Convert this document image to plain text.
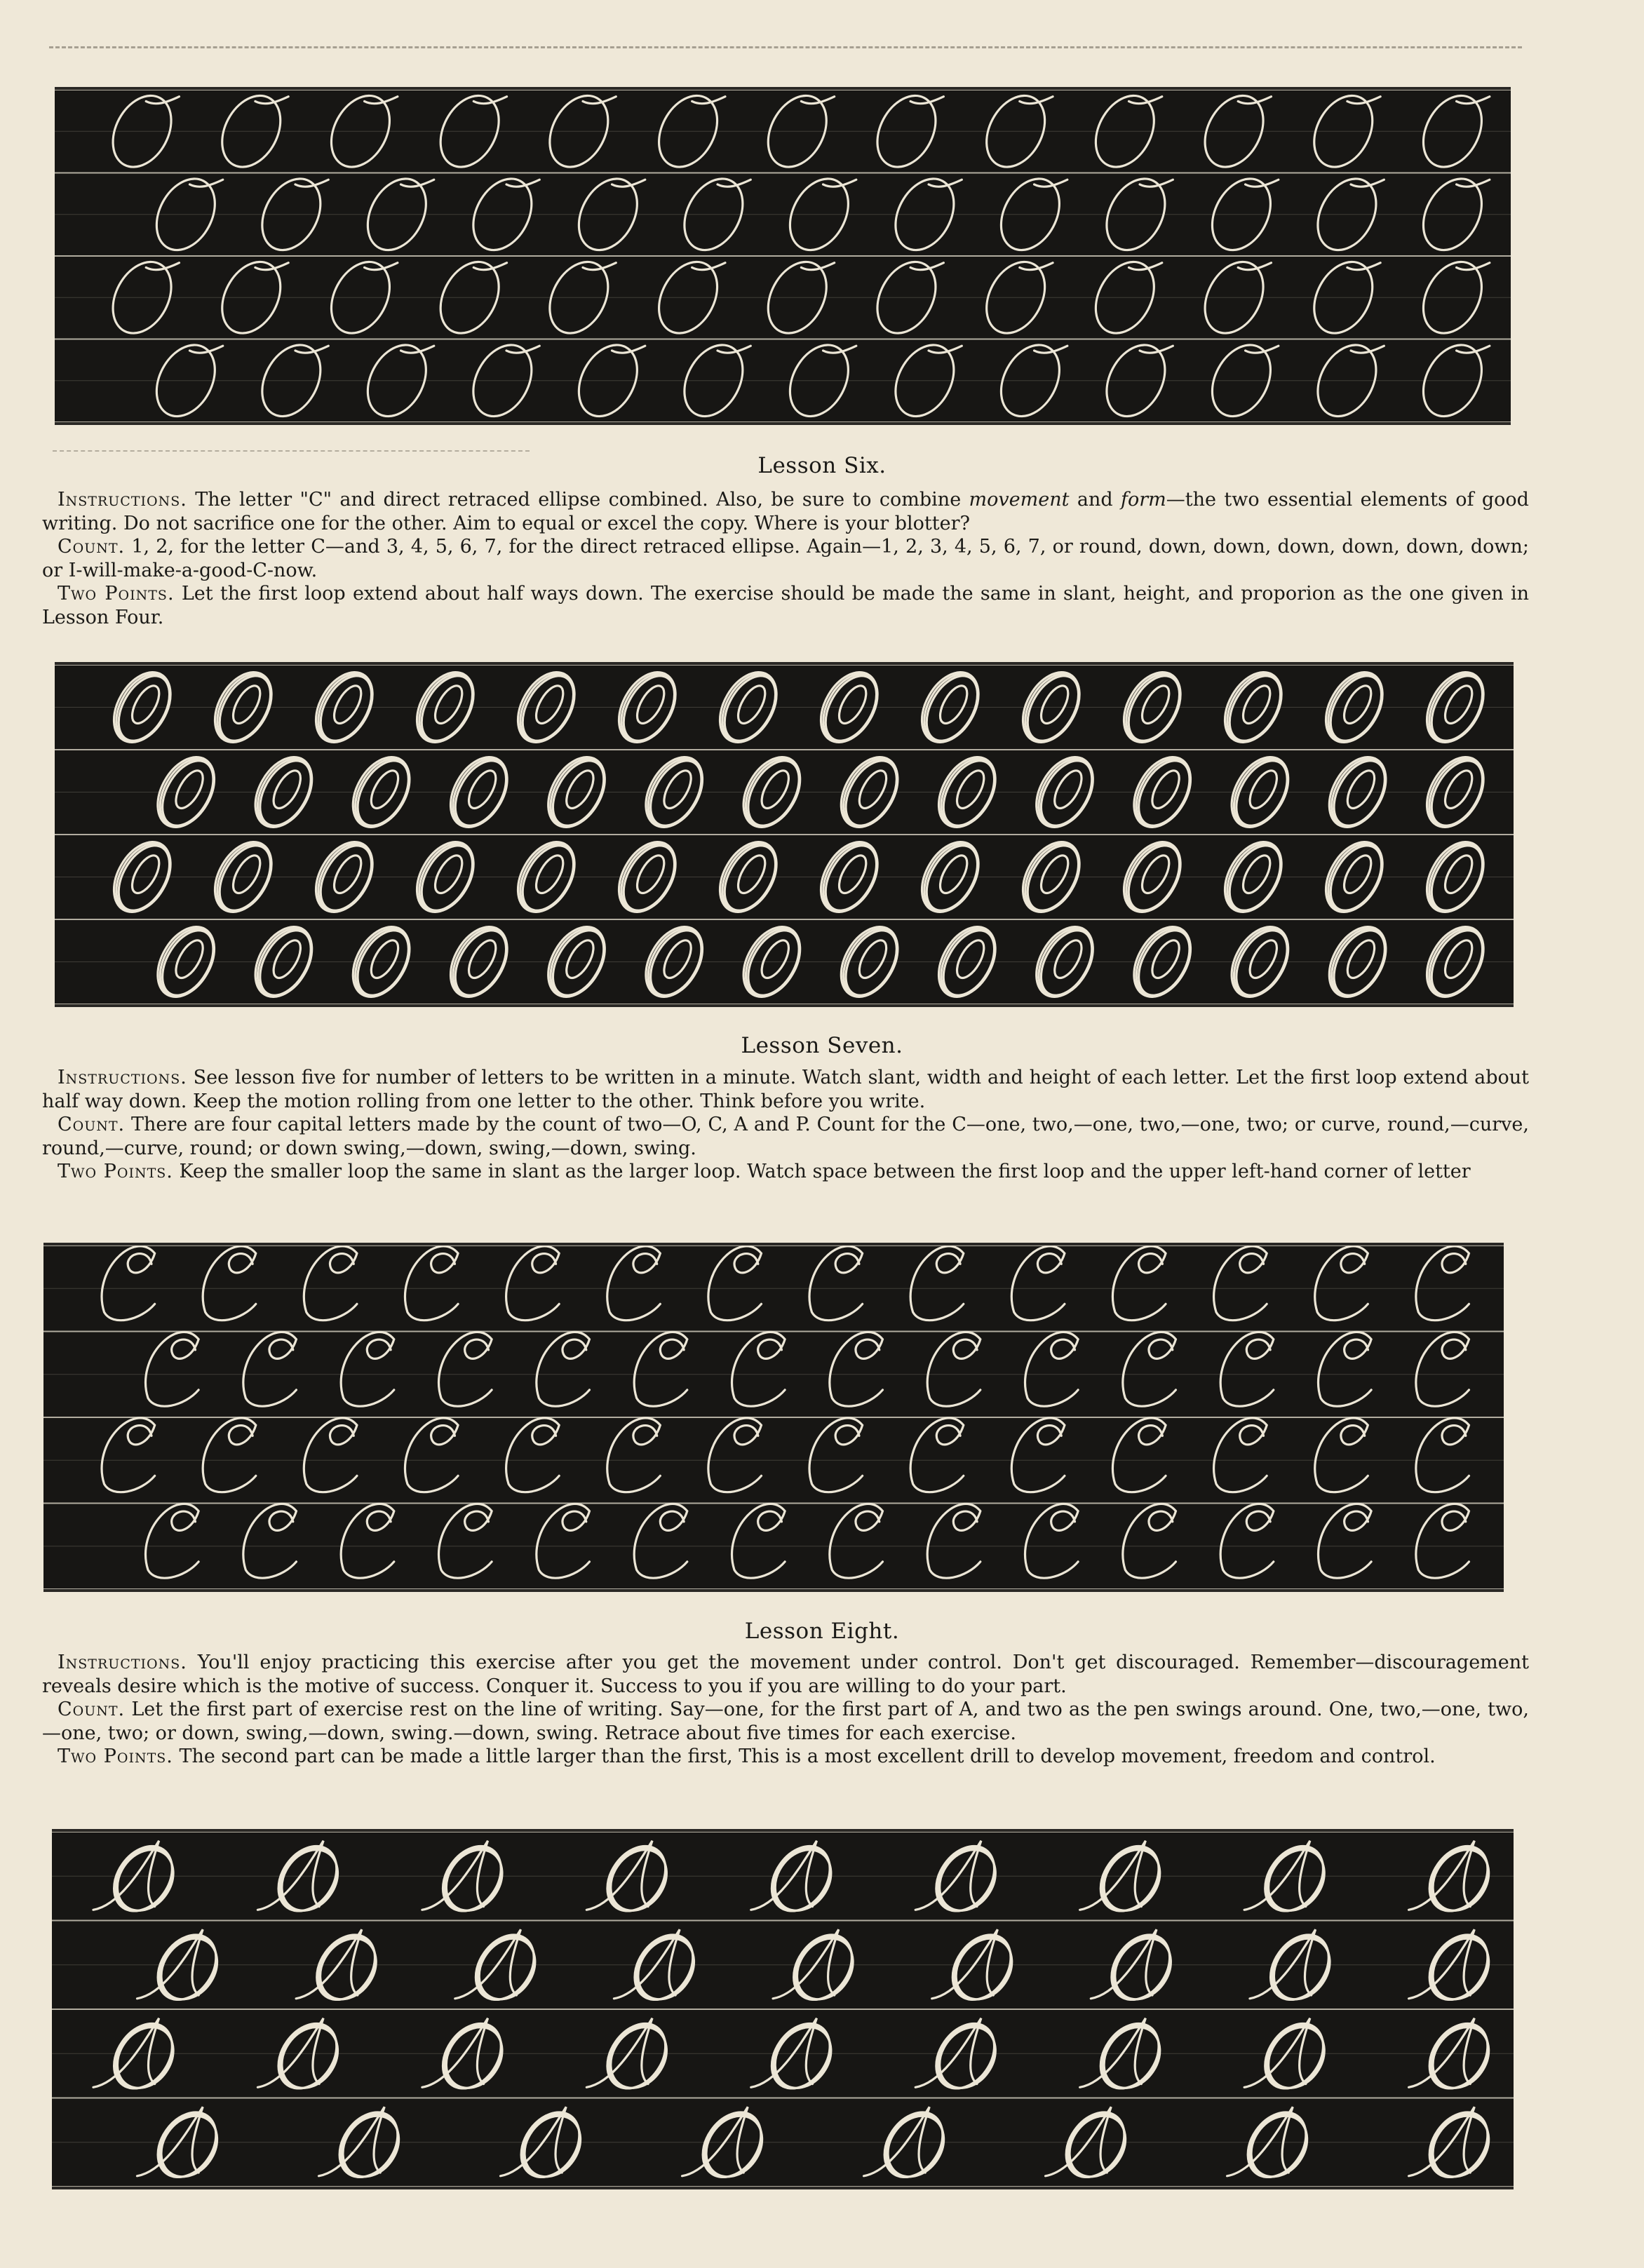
Lesson Six.

Instructions. The letter "C" and direct retraced ellipse combined. Also, be sure to combine movement and form—the two essential elements of good writing. Do not sacrifice one for the other. Aim to equal or excel the copy. Where is your blotter?

Count. 1, 2, for the letter C—and 3, 4, 5, 6, 7, for the direct retraced ellipse. Again—1, 2, 3, 4, 5, 6, 7, or round, down, down, down, down, down, down; or I-will-make-a-good-C-now.

Two Points. Let the first loop extend about half ways down. The exercise should be made the same in slant, height, and proporion as the one given in Lesson Four.

Lesson Seven.

Instructions. See lesson five for number of letters to be written in a minute. Watch slant, width and height of each letter. Let the first loop extend about half way down. Keep the motion rolling from one letter to the other. Think before you write.

Count. There are four capital letters made by the count of two—O, C, A and P. Count for the C—one, two,—one, two,—one, two; or curve, round,—curve, round,—curve, round; or down swing,—down, swing,—down, swing.

Two Points. Keep the smaller loop the same in slant as the larger loop. Watch space between the first loop and the upper left-hand corner of letter

Lesson Eight.

Instructions. You'll enjoy practicing this exercise after you get the movement under control. Don't get discouraged. Remember—discouragement reveals desire which is the motive of success. Conquer it. Success to you if you are willing to do your part.

Count. Let the first part of exercise rest on the line of writing. Say—one, for the first part of A, and two as the pen swings around. One, two,—one, two,—one, two; or down, swing,—down, swing.—down, swing. Retrace about five times for each exercise.

Two Points. The second part can be made a little larger than the first, This is a most excellent drill to develop movement, freedom and control.
